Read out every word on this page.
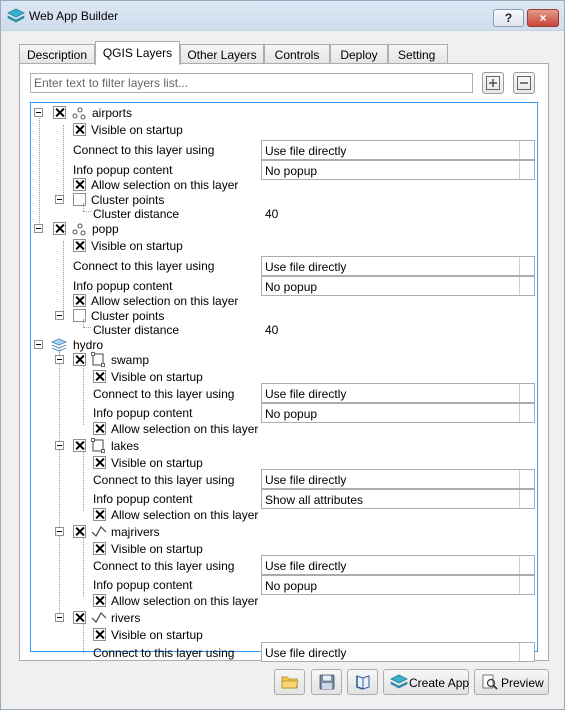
Web App Builder	?	×
Description	QGIS Layers	Other Layers	Controls	Deploy	Setting
Enter text to filter layers list...
airports
Visible on startup
Connect to this layer using	Use file directly
Info popup content	No popup
Allow selection on this layer
Cluster points
Cluster distance	40
popp
Visible on startup
Connect to this layer using	Use file directly
Info popup content	No popup
Allow selection on this layer
Cluster points
Cluster distance	40
hydro
swamp
Visible on startup
Connect to this layer using	Use file directly
Info popup content	No popup
Allow selection on this layer
lakes
Visible on startup
Connect to this layer using	Use file directly
Info popup content	Show all attributes
Allow selection on this layer
majrivers
Visible on startup
Connect to this layer using	Use file directly
Info popup content	No popup
Allow selection on this layer
rivers
Visible on startup
Connect to this layer using	Use file directly
Create App	Preview
